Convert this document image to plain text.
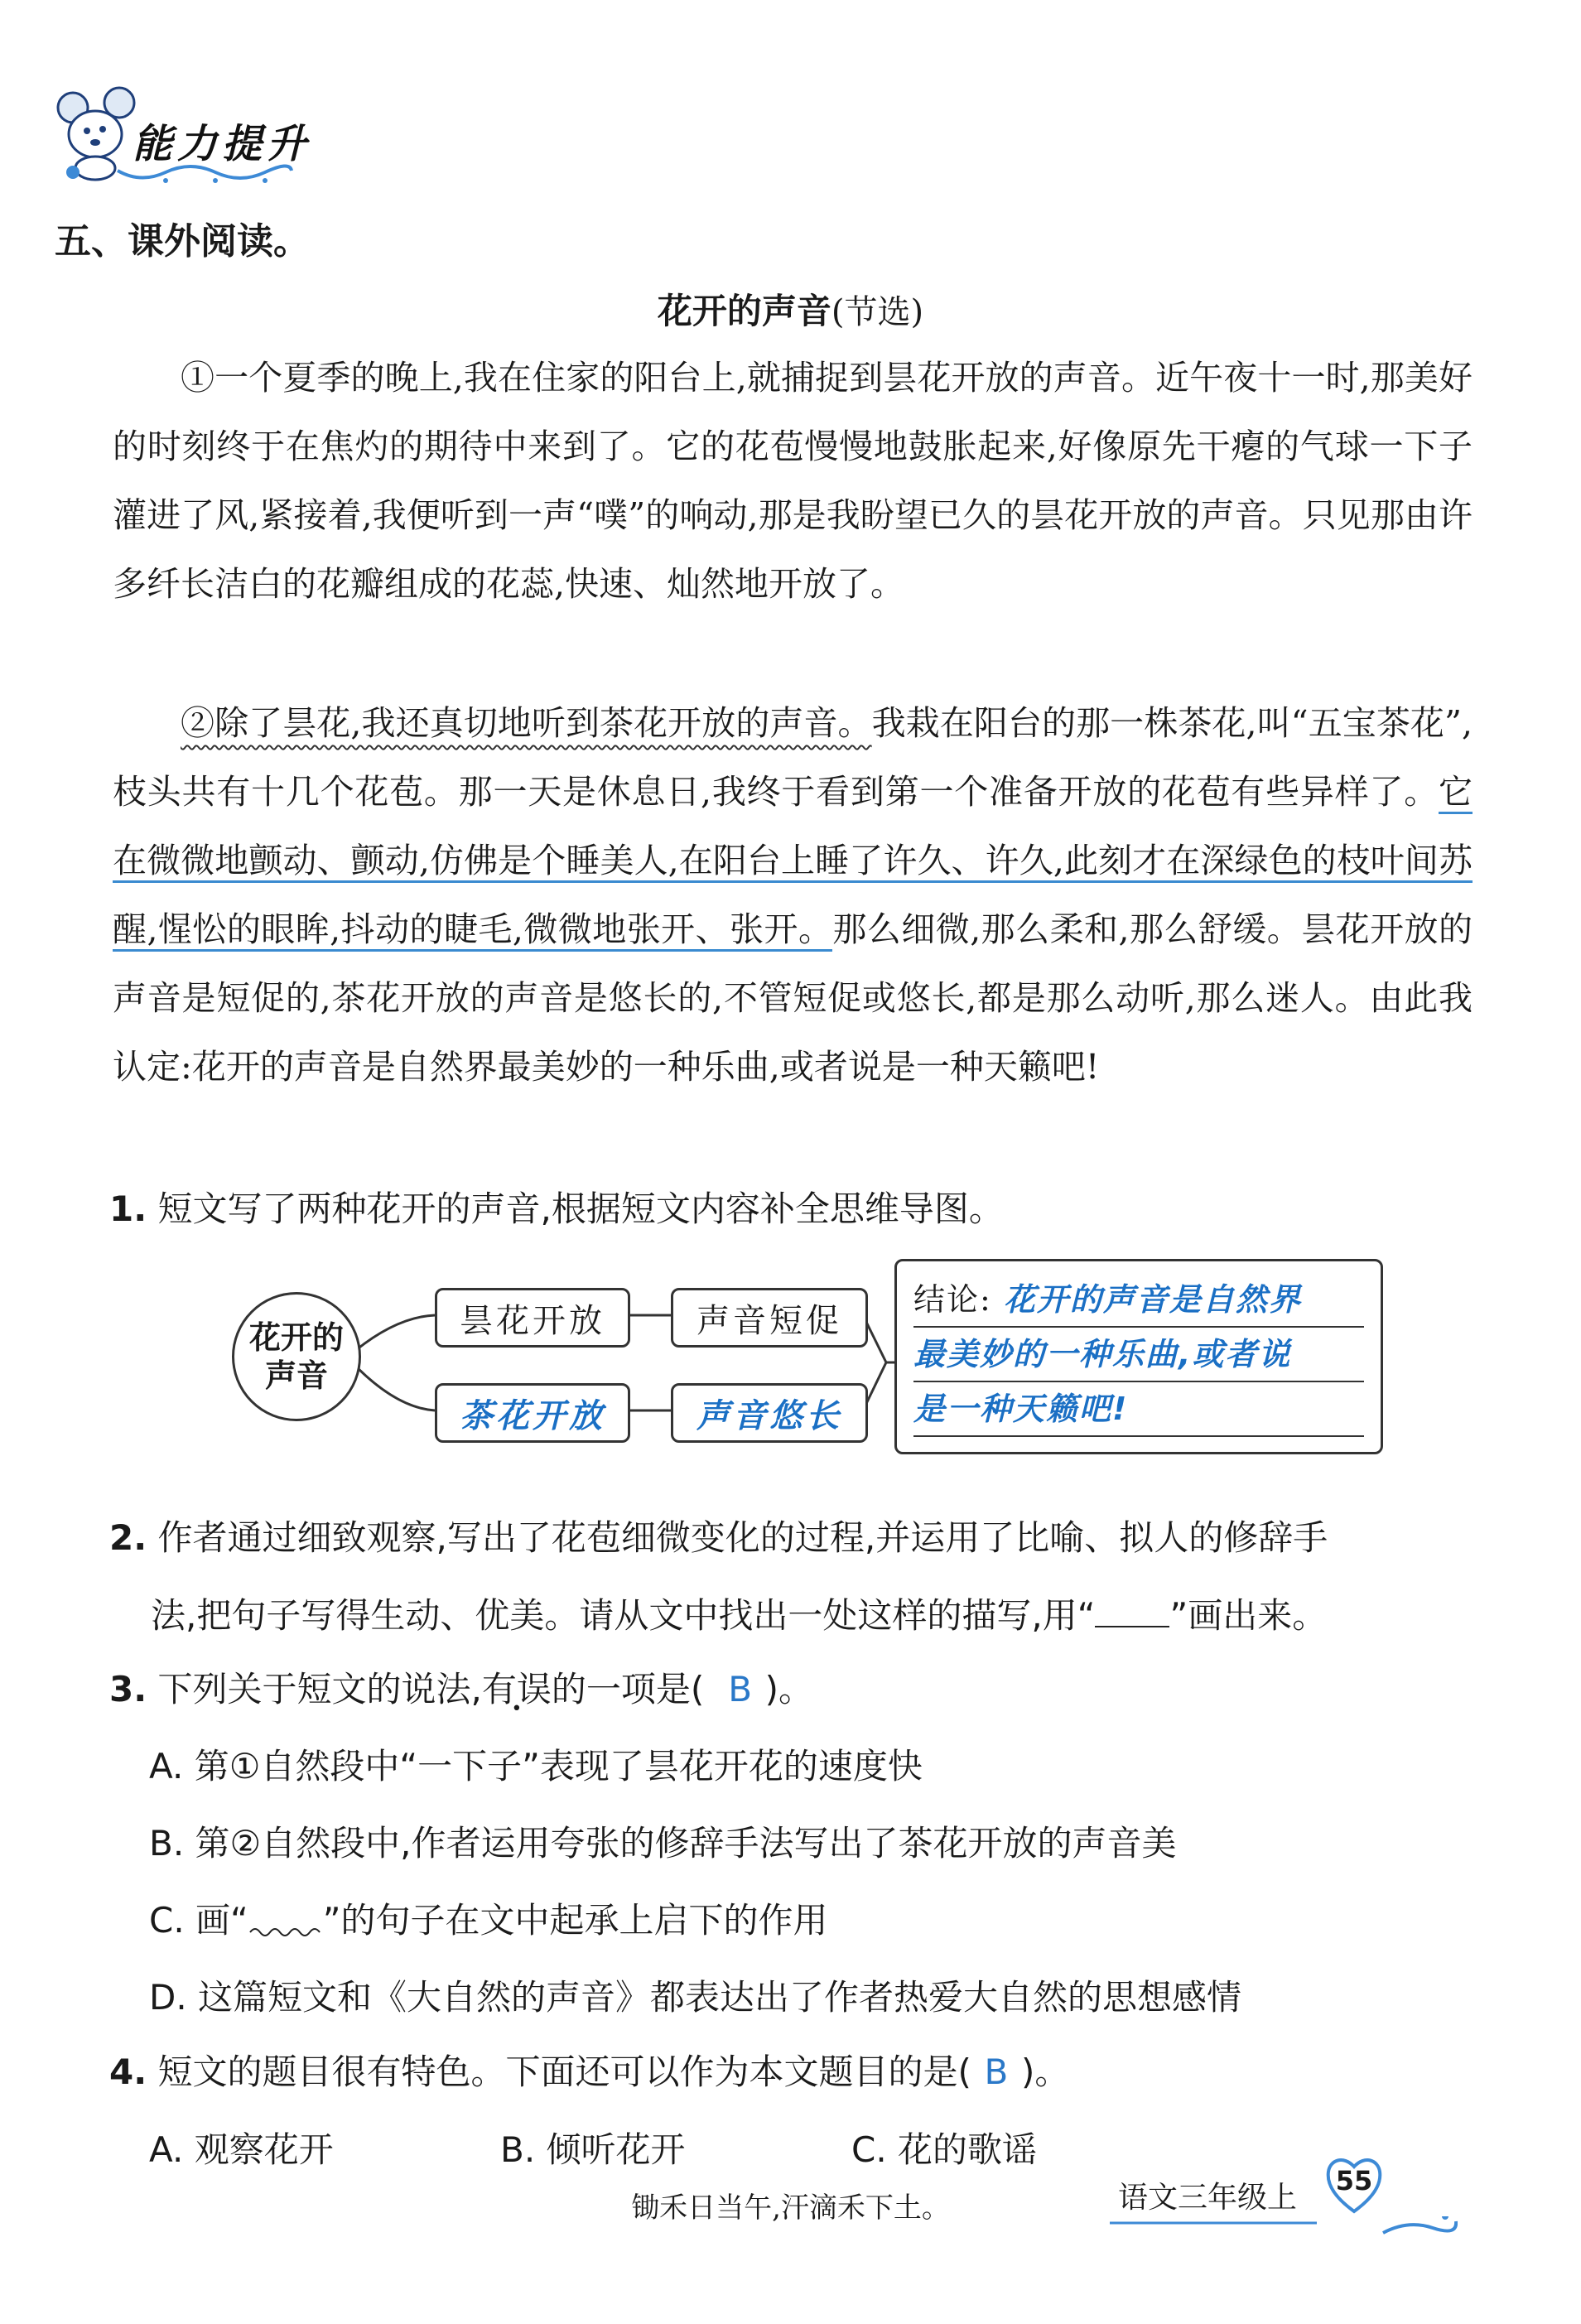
能力提升
五、课外阅读。
花开的声音(节选)

①一个夏季的晚上,我在住家的阳台上,就捕捉到昙花开放的声音。近午夜十一时,那美好的时刻终于在焦灼的期待中来到了。它的花苞慢慢地鼓胀起来,好像原先干瘪的气球一下子灌进了风,紧接着,我便听到一声“噗”的响动,那是我盼望已久的昙花开放的声音。只见那由许多纤长洁白的花瓣组成的花蕊,快速、灿然地开放了。

②除了昙花,我还真切地听到茶花开放的声音。我栽在阳台的那一株茶花,叫“五宝茶花”,枝头共有十几个花苞。那一天是休息日,我终于看到第一个准备开放的花苞有些异样了。它在微微地颤动、颤动,仿佛是个睡美人,在阳台上睡了许久、许久,此刻才在深绿色的枝叶间苏醒,惺忪的眼眸,抖动的睫毛,微微地张开、张开。那么细微,那么柔和,那么舒缓。昙花开放的声音是短促的,茶花开放的声音是悠长的,不管短促或悠长,都是那么动听,那么迷人。由此我认定:花开的声音是自然界最美妙的一种乐曲,或者说是一种天籁吧!

1. 短文写了两种花开的声音,根据短文内容补全思维导图。
花开的声音
昙花开放	声音短促
茶花开放	声音悠长
结论: 花开的声音是自然界
最美妙的一种乐曲,或者说
是一种天籁吧!
2. 作者通过细致观察,写出了花苞细微变化的过程,并运用了比喻、拟人的修辞手
法,把句子写得生动、优美。请从文中找出一处这样的描写,用“ ”画出来。
3. 下列关于短文的说法,有误的一项是( B )。
A. 第①自然段中“一下子”表现了昙花开花的速度快
B. 第②自然段中,作者运用夸张的修辞手法写出了茶花开放的声音美
C. 画“ ”的句子在文中起承上启下的作用
D. 这篇短文和《大自然的声音》都表达出了作者热爱大自然的思想感情
4. 短文的题目很有特色。下面还可以作为本文题目的是( B )。
A. 观察花开	B. 倾听花开	C. 花的歌谣
锄禾日当午,汗滴禾下土。	语文三年级上	55
